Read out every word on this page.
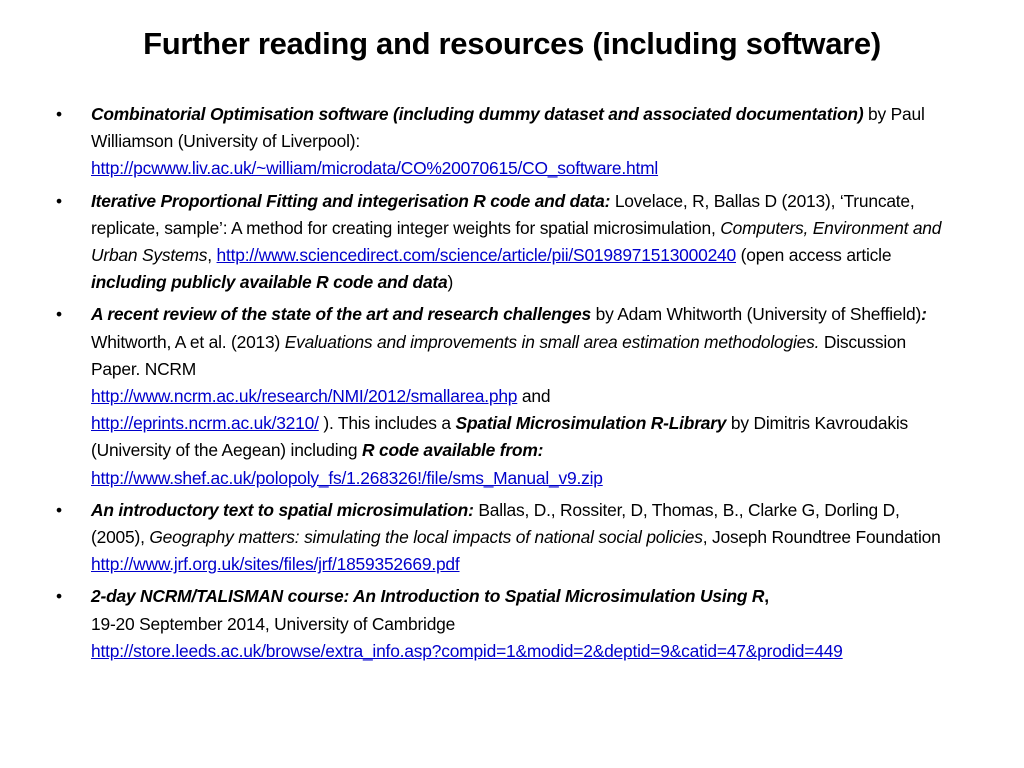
Further reading and resources (including software)
• Combinatorial Optimisation software (including dummy dataset and associated documentation) by Paul Williamson (University of Liverpool):
http://pcwww.liv.ac.uk/~william/microdata/CO%20070615/CO_software.html
• Iterative Proportional Fitting and integerisation R code and data: Lovelace, R, Ballas D (2013), ‘Truncate, replicate, sample’: A method for creating integer weights for spatial microsimulation, Computers, Environment and Urban Systems, http://www.sciencedirect.com/science/article/pii/S0198971513000240 (open access article including publicly available R code and data)
• A recent review of the state of the art and research challenges by Adam Whitworth (University of Sheffield): Whitworth, A et al. (2013) Evaluations and improvements in small area estimation methodologies. Discussion Paper. NCRM
http://www.ncrm.ac.uk/research/NMI/2012/smallarea.php and
http://eprints.ncrm.ac.uk/3210/ ). This includes a Spatial Microsimulation R-Library by Dimitris Kavroudakis (University of the Aegean) including R code available from: http://www.shef.ac.uk/polopoly_fs/1.268326!/file/sms_Manual_v9.zip
• An introductory text to spatial microsimulation: Ballas, D., Rossiter, D, Thomas, B., Clarke G, Dorling D, (2005), Geography matters: simulating the local impacts of national social policies, Joseph Roundtree Foundation http://www.jrf.org.uk/sites/files/jrf/1859352669.pdf
• 2-day NCRM/TALISMAN course: An Introduction to Spatial Microsimulation Using R,
19-20 September 2014, University of Cambridge
http://store.leeds.ac.uk/browse/extra_info.asp?compid=1&modid=2&deptid=9&catid=47&prodid=449
